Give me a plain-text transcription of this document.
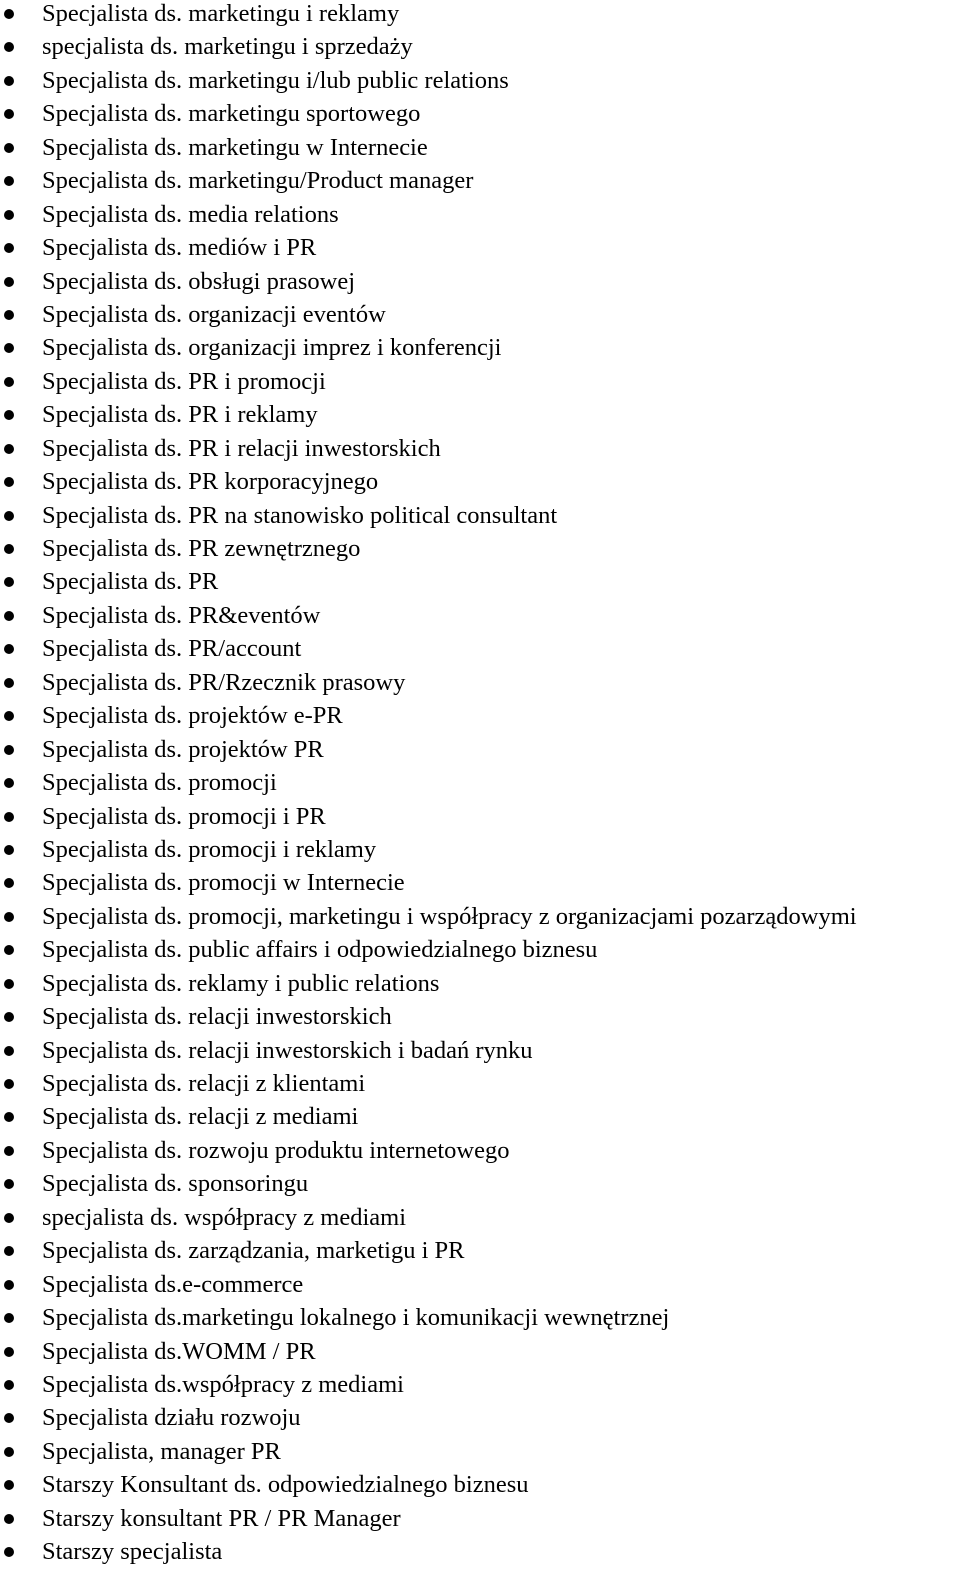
Specjalista ds. marketingu i reklamy
specjalista ds. marketingu i sprzedaży
Specjalista ds. marketingu i/lub public relations
Specjalista ds. marketingu sportowego
Specjalista ds. marketingu w Internecie
Specjalista ds. marketingu/Product manager
Specjalista ds. media relations
Specjalista ds. mediów i PR
Specjalista ds. obsługi prasowej
Specjalista ds. organizacji eventów
Specjalista ds. organizacji imprez i konferencji
Specjalista ds. PR i promocji
Specjalista ds. PR i reklamy
Specjalista ds. PR i relacji inwestorskich
Specjalista ds. PR korporacyjnego
Specjalista ds. PR na stanowisko political consultant
Specjalista ds. PR zewnętrznego
Specjalista ds. PR
Specjalista ds. PR&eventów
Specjalista ds. PR/account
Specjalista ds. PR/Rzecznik prasowy
Specjalista ds. projektów e-PR
Specjalista ds. projektów PR
Specjalista ds. promocji
Specjalista ds. promocji i PR
Specjalista ds. promocji i reklamy
Specjalista ds. promocji w Internecie
Specjalista ds. promocji, marketingu i współpracy z organizacjami pozarządowymi
Specjalista ds. public affairs i odpowiedzialnego biznesu
Specjalista ds. reklamy i public relations
Specjalista ds. relacji inwestorskich
Specjalista ds. relacji inwestorskich i badań rynku
Specjalista ds. relacji z klientami
Specjalista ds. relacji z mediami
Specjalista ds. rozwoju produktu internetowego
Specjalista ds. sponsoringu
specjalista ds. współpracy z mediami
Specjalista ds. zarządzania, marketigu i PR
Specjalista ds.e-commerce
Specjalista ds.marketingu lokalnego i komunikacji wewnętrznej
Specjalista ds.WOMM / PR
Specjalista ds.współpracy z mediami
Specjalista działu rozwoju
Specjalista, manager PR
Starszy Konsultant ds. odpowiedzialnego biznesu
Starszy konsultant PR / PR Manager
Starszy specjalista
